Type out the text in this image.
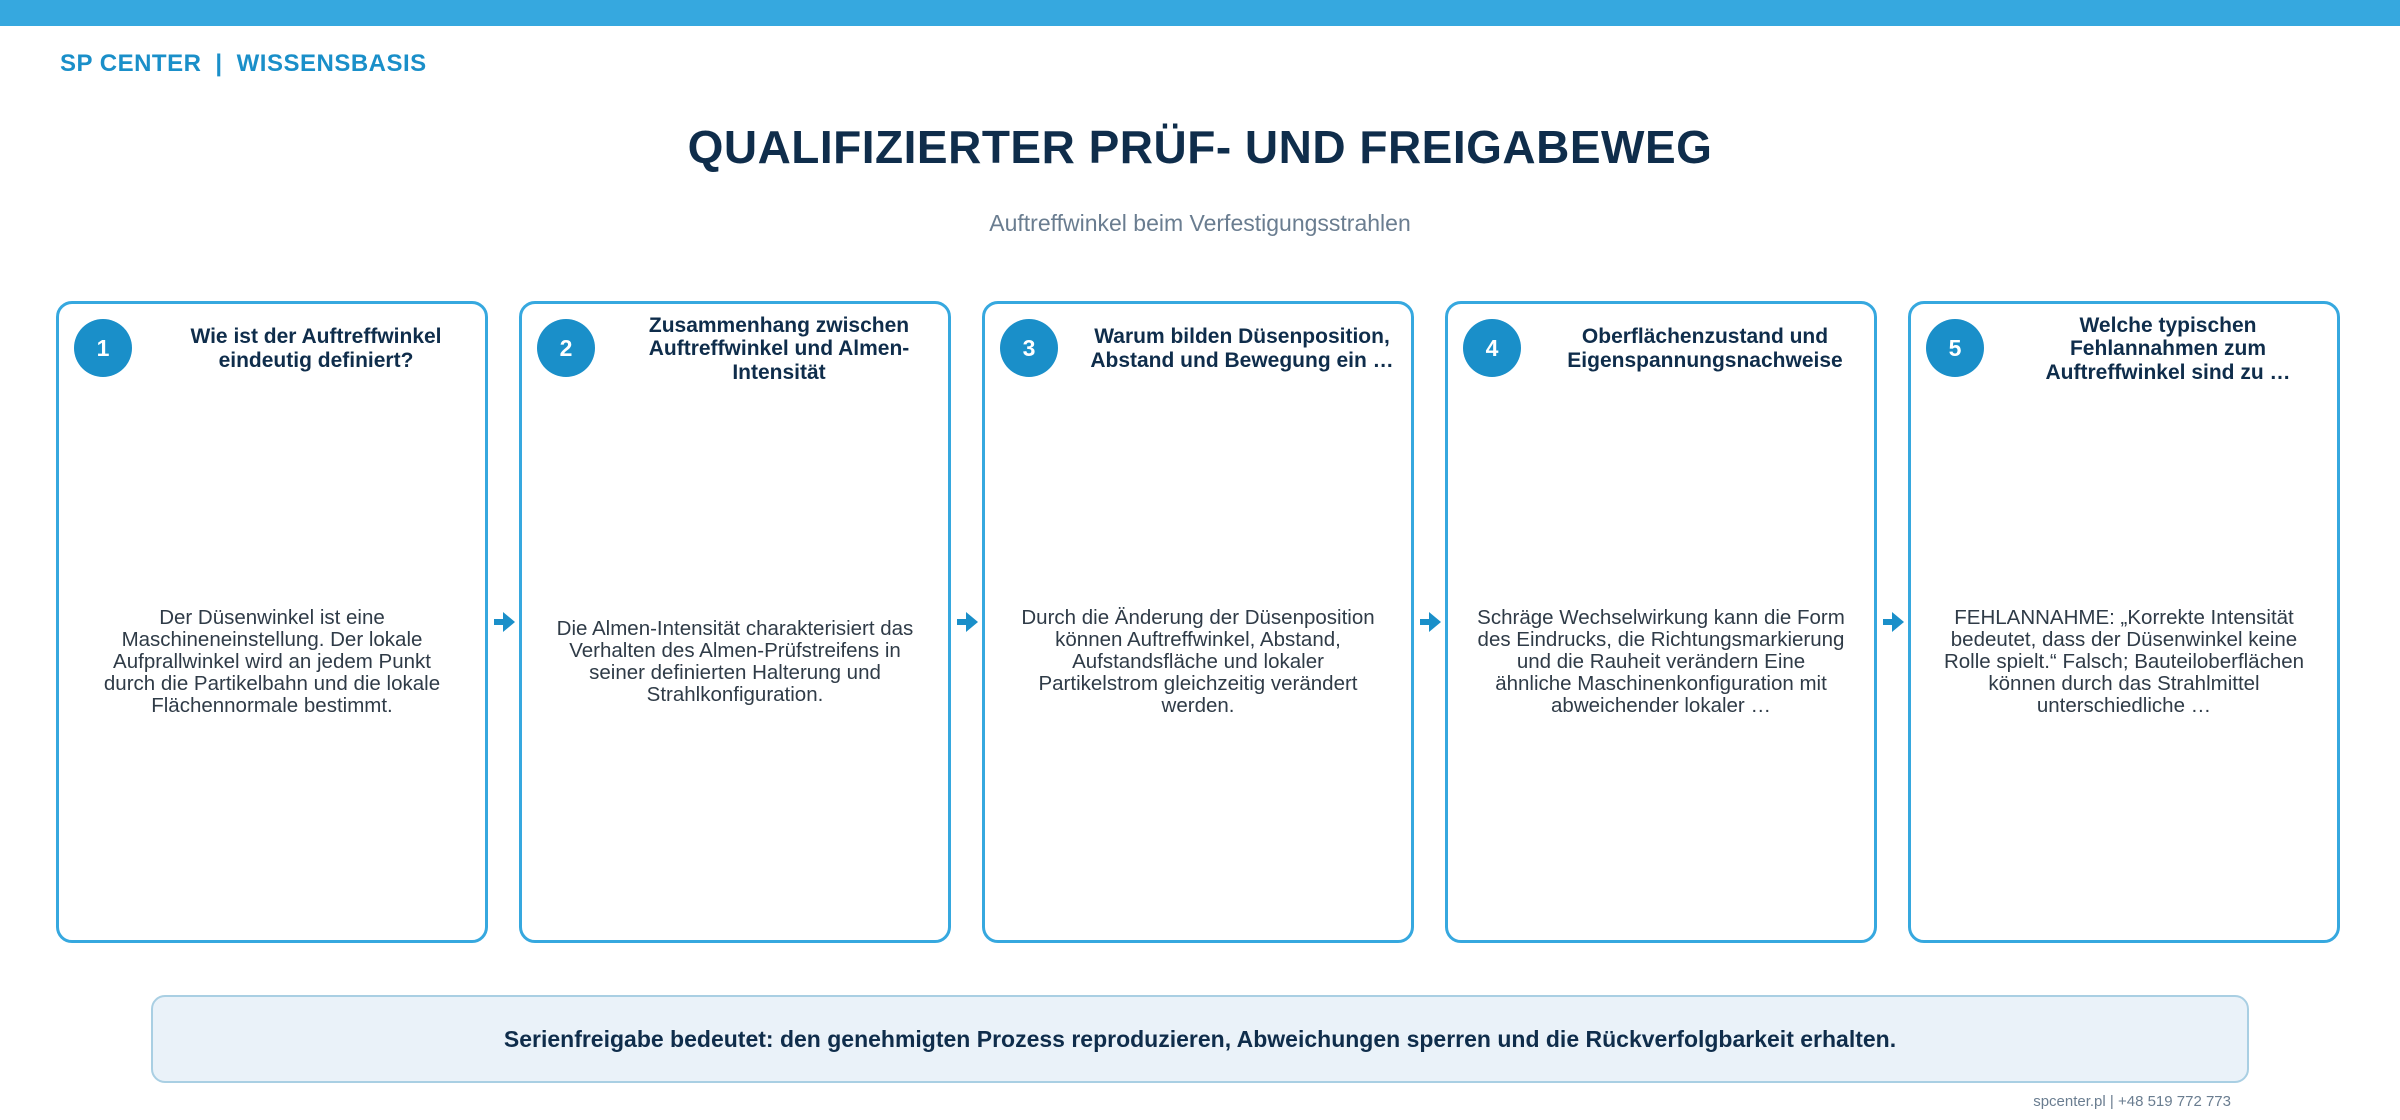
SP CENTER | WISSENSBASIS
QUALIFIZIERTER PRÜF- UND FREIGABEWEG
Auftreffwinkel beim Verfestigungsstrahlen
1	Wie ist der Auftreffwinkel eindeutig definiert?
Der Düsenwinkel ist eine Maschineneinstellung. Der lokale Aufprallwinkel wird an jedem Punkt durch die Partikelbahn und die lokale Flächennormale bestimmt.
2
Zusammenhang zwischen Auftreffwinkel und Almen-Intensität
Die Almen-Intensität charakterisiert das Verhalten des Almen-Prüfstreifens in seiner definierten Halterung und Strahlkonfiguration.
3	Warum bilden Düsenposition, Abstand und Bewegung ein …
Durch die Änderung der Düsenposition können Auftreffwinkel, Abstand, Aufstandsfläche und lokaler Partikelstrom gleichzeitig verändert werden.
4	Oberflächenzustand und Eigenspannungsnachweise
Schräge Wechselwirkung kann die Form des Eindrucks, die Richtungsmarkierung und die Rauheit verändern Eine ähnliche Maschinenkonfiguration mit abweichender lokaler …
5
Welche typischen Fehlannahmen zum Auftreffwinkel sind zu …
FEHLANNAHME: „Korrekte Intensität bedeutet, dass der Düsenwinkel keine Rolle spielt.“ Falsch; Bauteiloberflächen können durch das Strahlmittel unterschiedliche …
Serienfreigabe bedeutet: den genehmigten Prozess reproduzieren, Abweichungen sperren und die Rückverfolgbarkeit erhalten.
spcenter.pl | +48 519 772 773
